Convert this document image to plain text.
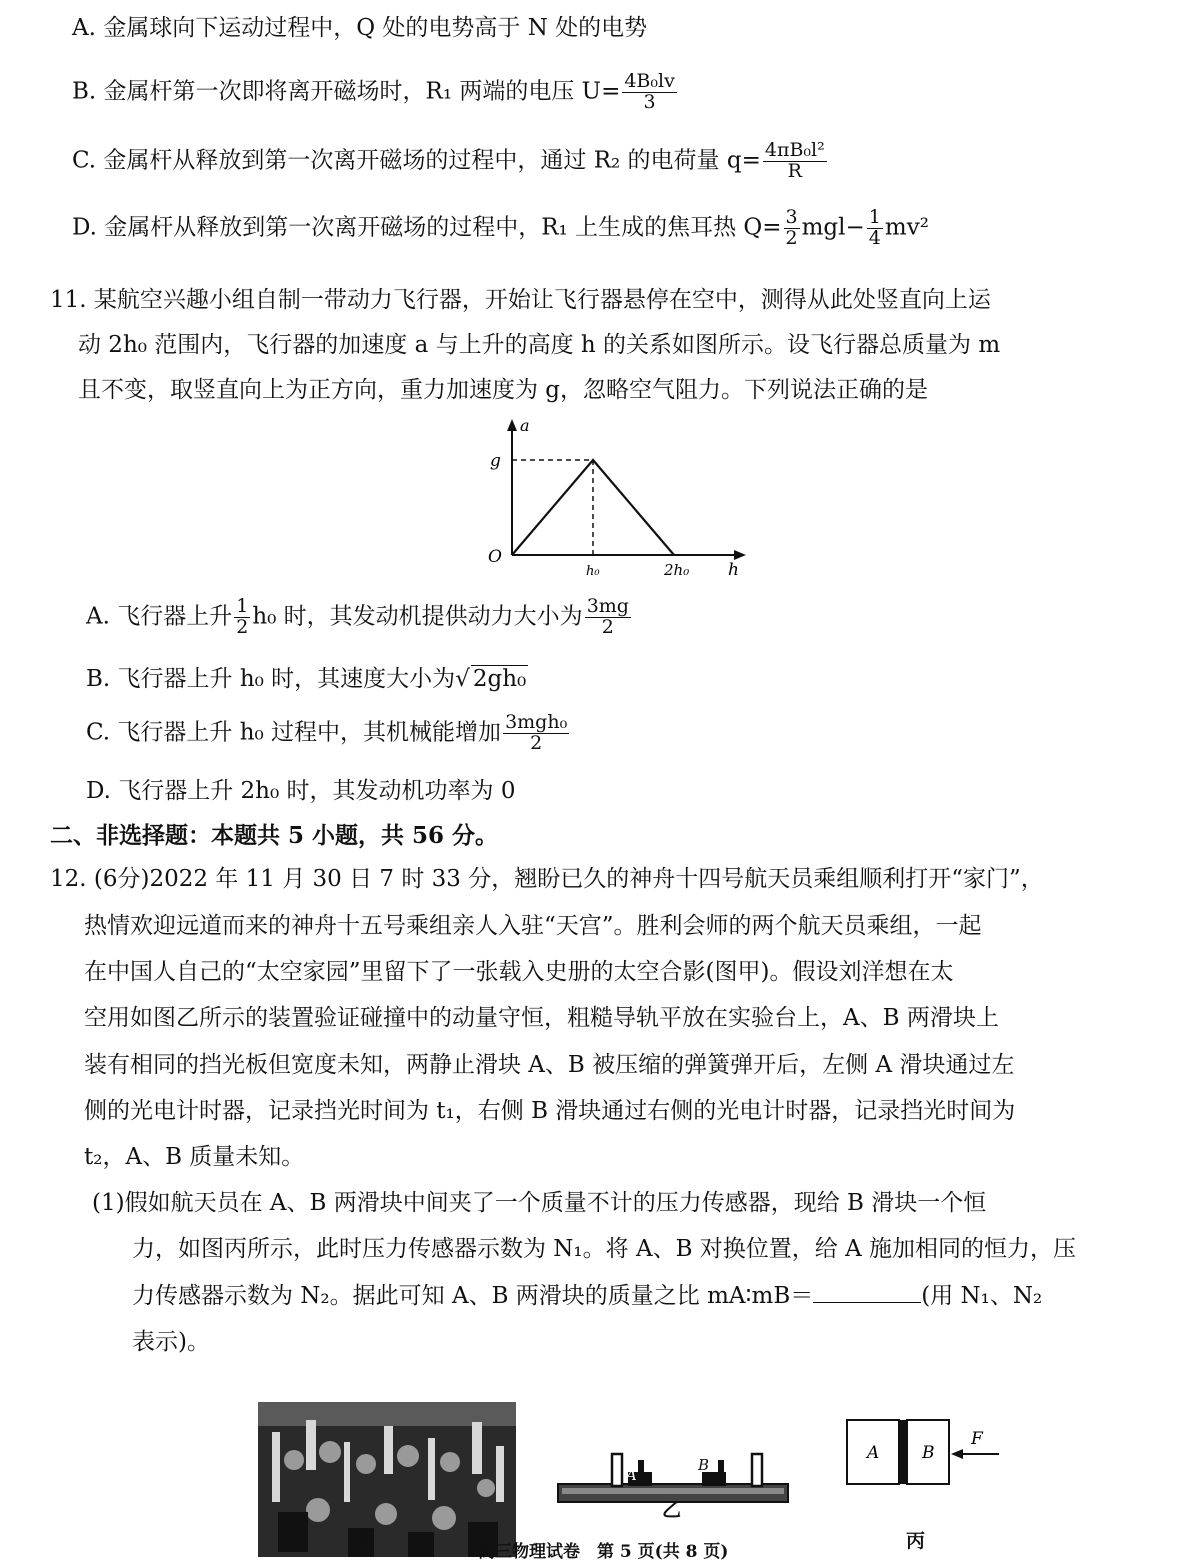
A. 金属球向下运动过程中，Q 处的电势高于 N 处的电势
B. 金属杆第一次即将离开磁场时，R₁ 两端的电压 $U= \frac{\text{4B₀lv}}{3}$
C. 金属杆从释放到第一次离开磁场的过程中，通过 R₂ 的电荷量 $q= \frac{\text{4πB₀l²}}{R}$
D. 金属杆从释放到第一次离开磁场的过程中，R₁ 上生成的焦耳热 $Q= \frac{3}{2} mgl- \frac{1}{4} mv^2$
11. 某航空兴趣小组自制一带动力飞行器，开始让飞行器悬停在空中，测得从此处竖直向上运
动 2h₀ 范围内，飞行器的加速度 a 与上升的高度 h 的关系如图所示。设飞行器总质量为 m
且不变，取竖直向上为正方向，重力加速度为 g，忽略空气阻力。下列说法正确的是
a
g
O
h₀	2h₀ h
A. 飞行器上升 $\frac{1}{2} h_0$ 时，其发动机提供动力大小为 $\frac{3mg}{2}$
B. 飞行器上升 h₀ 时，其速度大小为√ 2gh₀
C. 飞行器上升 h₀ 过程中，其机械能增加 $\frac{\text{3mgh₀}}{2}$
D. 飞行器上升 2h₀ 时，其发动机功率为 0
二、非选择题：本题共 5 小题，共 56 分。
12. (6分)2022 年 11 月 30 日 7 时 33 分，翘盼已久的神舟十四号航天员乘组顺利打开“家门”，
热情欢迎远道而来的神舟十五号乘组亲人入驻“天宫”。胜利会师的两个航天员乘组，一起
在中国人自己的“太空家园”里留下了一张载入史册的太空合影(图甲)。假设刘洋想在太
空用如图乙所示的装置验证碰撞中的动量守恒，粗糙导轨平放在实验台上，A、B 两滑块上
装有相同的挡光板但宽度未知，两静止滑块 A、B 被压缩的弹簧弹开后，左侧 A 滑块通过左
侧的光电计时器，记录挡光时间为 t₁，右侧 B 滑块通过右侧的光电计时器，记录挡光时间为
t₂，A、B 质量未知。
(1)假如航天员在 A、B 两滑块中间夹了一个质量不计的压力传感器，现给 B 滑块一个恒
力，如图丙所示，此时压力传感器示数为 N₁。将 A、B 对换位置，给 A 施加相同的恒力，压
力传感器示数为 N₂。据此可知 A、B 两滑块的质量之比 mA∶mB＝	(用 N₁、N₂
表示)。
甲
A
B
乙
A	B
F
丙
高三物理试卷　第 5 页(共 8 页)
